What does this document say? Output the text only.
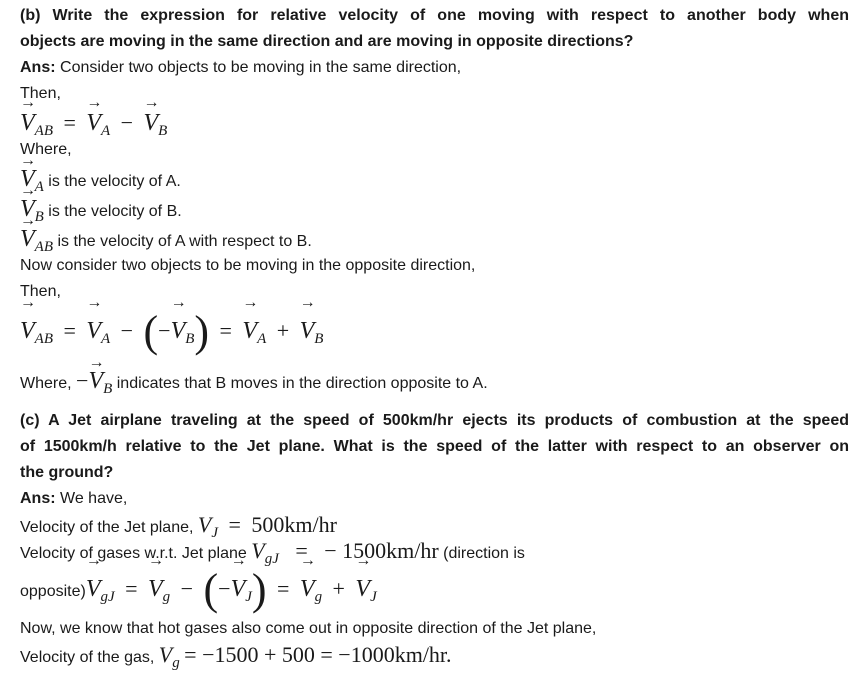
(b) Write the expression for relative velocity of one moving with respect to another body when
objects are moving in the same direction and are moving in opposite directions?
Ans: Consider two objects to be moving in the same direction,
Then,
→ VAB = → VA − → VB
Where,
→ VA is the velocity of A.
→ VB is the velocity of B.
→ VAB is the velocity of A with respect to B.
Now consider two objects to be moving in the opposite direction,
Then,
→ VAB = → VA − (−→ VB) = → VA + → VB
Where, −→ VB indicates that B moves in the direction opposite to A.
(c) A Jet airplane traveling at the speed of 500km/hr ejects its products of combustion at the speed
of 1500km/h relative to the Jet plane. What is the speed of the latter with respect to an observer on
the ground?
Ans: We have,
Velocity of the Jet plane, VJ = 500km/hr
Velocity of gases w.r.t. Jet plane VgJ = − 1500km/hr (direction is
opposite)→ VgJ = → Vg − (−→ VJ) = → Vg + → VJ
Now, we know that hot gases also come out in opposite direction of the Jet plane,
Velocity of the gas, Vg = −1500 + 500 = −1000km/hr.
